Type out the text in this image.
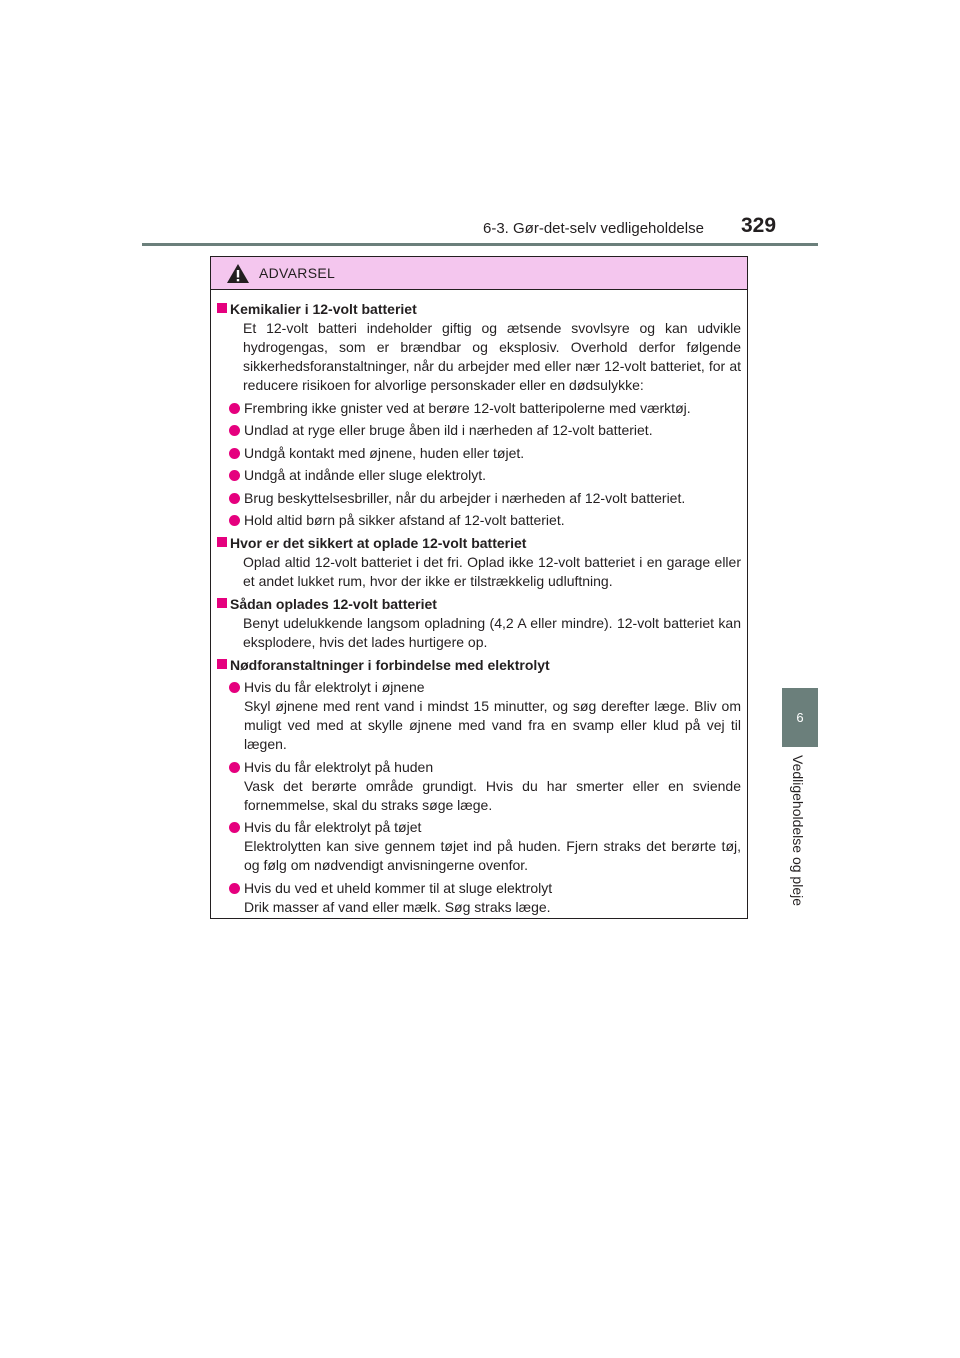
6-3. Gør-det-selv vedligeholdelse 329
6
Vedligeholdelse og pleje
ADVARSEL
Kemikalier i 12-volt batteriet
Et 12-volt batteri indeholder giftig og ætsende svovlsyre og kan udvikle hydrogengas, som er brændbar og eksplosiv. Overhold derfor følgende sikkerhedsforanstaltninger, når du arbejder med eller nær 12-volt batteriet, for at reducere risikoen for alvorlige personskader eller en dødsulykke:
Frembring ikke gnister ved at berøre 12-volt batteripolerne med værktøj.
Undlad at ryge eller bruge åben ild i nærheden af 12-volt batteriet.
Undgå kontakt med øjnene, huden eller tøjet.
Undgå at indånde eller sluge elektrolyt.
Brug beskyttelsesbriller, når du arbejder i nærheden af 12-volt batteriet.
Hold altid børn på sikker afstand af 12-volt batteriet.
Hvor er det sikkert at oplade 12-volt batteriet
Oplad altid 12-volt batteriet i det fri. Oplad ikke 12-volt batteriet i en garage eller et andet lukket rum, hvor der ikke er tilstrækkelig udluftning.
Sådan oplades 12-volt batteriet
Benyt udelukkende langsom opladning (4,2 A eller mindre). 12-volt batteriet kan eksplodere, hvis det lades hurtigere op.
Nødforanstaltninger i forbindelse med elektrolyt
Hvis du får elektrolyt i øjnene
Skyl øjnene med rent vand i mindst 15 minutter, og søg derefter læge. Bliv om muligt ved med at skylle øjnene med vand fra en svamp eller klud på vej til lægen.
Hvis du får elektrolyt på huden
Vask det berørte område grundigt. Hvis du har smerter eller en sviende fornemmelse, skal du straks søge læge.
Hvis du får elektrolyt på tøjet
Elektrolytten kan sive gennem tøjet ind på huden. Fjern straks det berørte tøj, og følg om nødvendigt anvisningerne ovenfor.
Hvis du ved et uheld kommer til at sluge elektrolyt
Drik masser af vand eller mælk. Søg straks læge.
